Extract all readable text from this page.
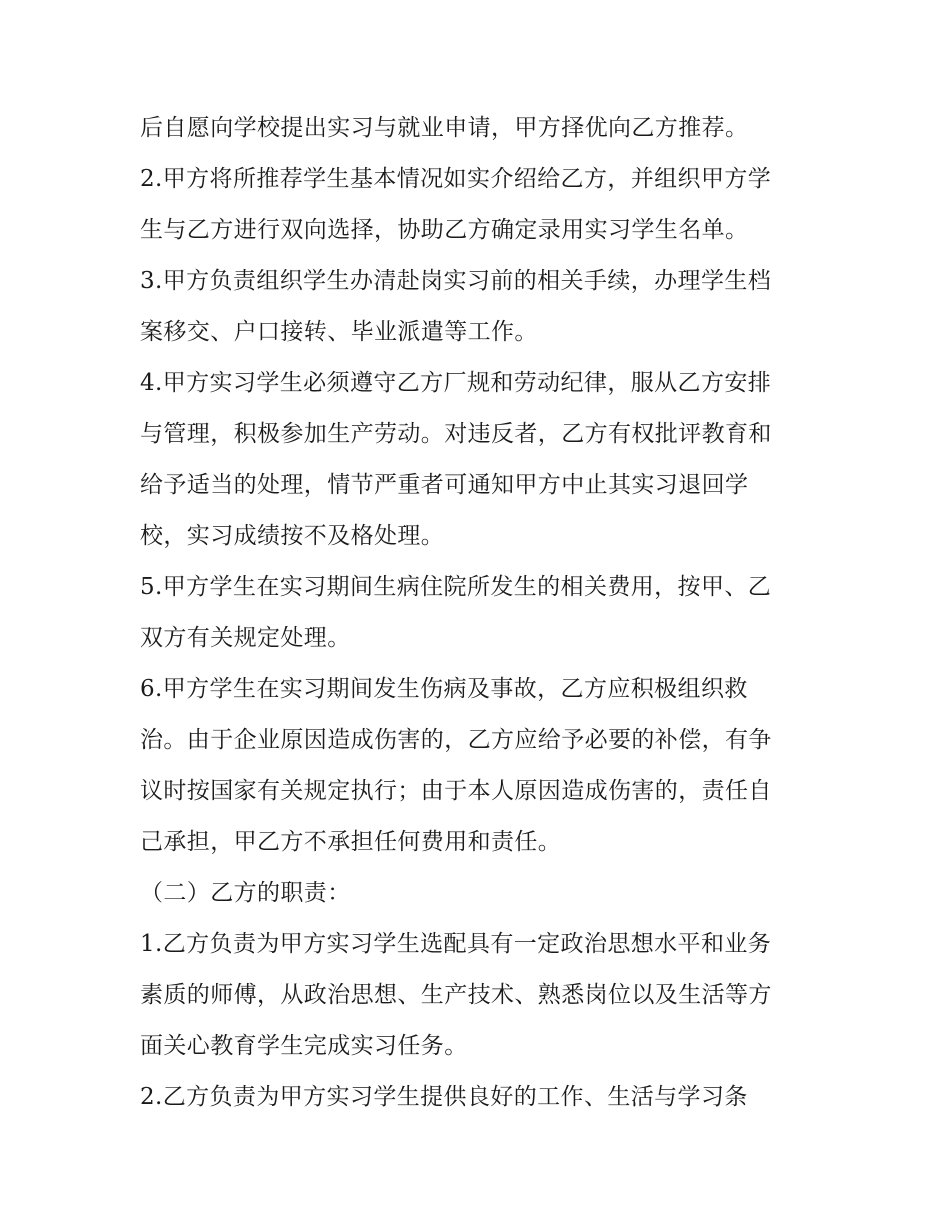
后自愿向学校提出实习与就业申请，甲方择优向乙方推荐。
2.甲方将所推荐学生基本情况如实介绍给乙方，并组织甲方学
生与乙方进行双向选择，协助乙方确定录用实习学生名单。
3.甲方负责组织学生办清赴岗实习前的相关手续，办理学生档
案移交、户口接转、毕业派遣等工作。
4.甲方实习学生必须遵守乙方厂规和劳动纪律，服从乙方安排
与管理，积极参加生产劳动。对违反者，乙方有权批评教育和
给予适当的处理，情节严重者可通知甲方中止其实习退回学
校，实习成绩按不及格处理。
5.甲方学生在实习期间生病住院所发生的相关费用，按甲、乙
双方有关规定处理。
6.甲方学生在实习期间发生伤病及事故，乙方应积极组织救
治。由于企业原因造成伤害的，乙方应给予必要的补偿，有争
议时按国家有关规定执行；由于本人原因造成伤害的，责任自
己承担，甲乙方不承担任何费用和责任。
（二）乙方的职责：
1.乙方负责为甲方实习学生选配具有一定政治思想水平和业务
素质的师傅，从政治思想、生产技术、熟悉岗位以及生活等方
面关心教育学生完成实习任务。
2.乙方负责为甲方实习学生提供良好的工作、生活与学习条
